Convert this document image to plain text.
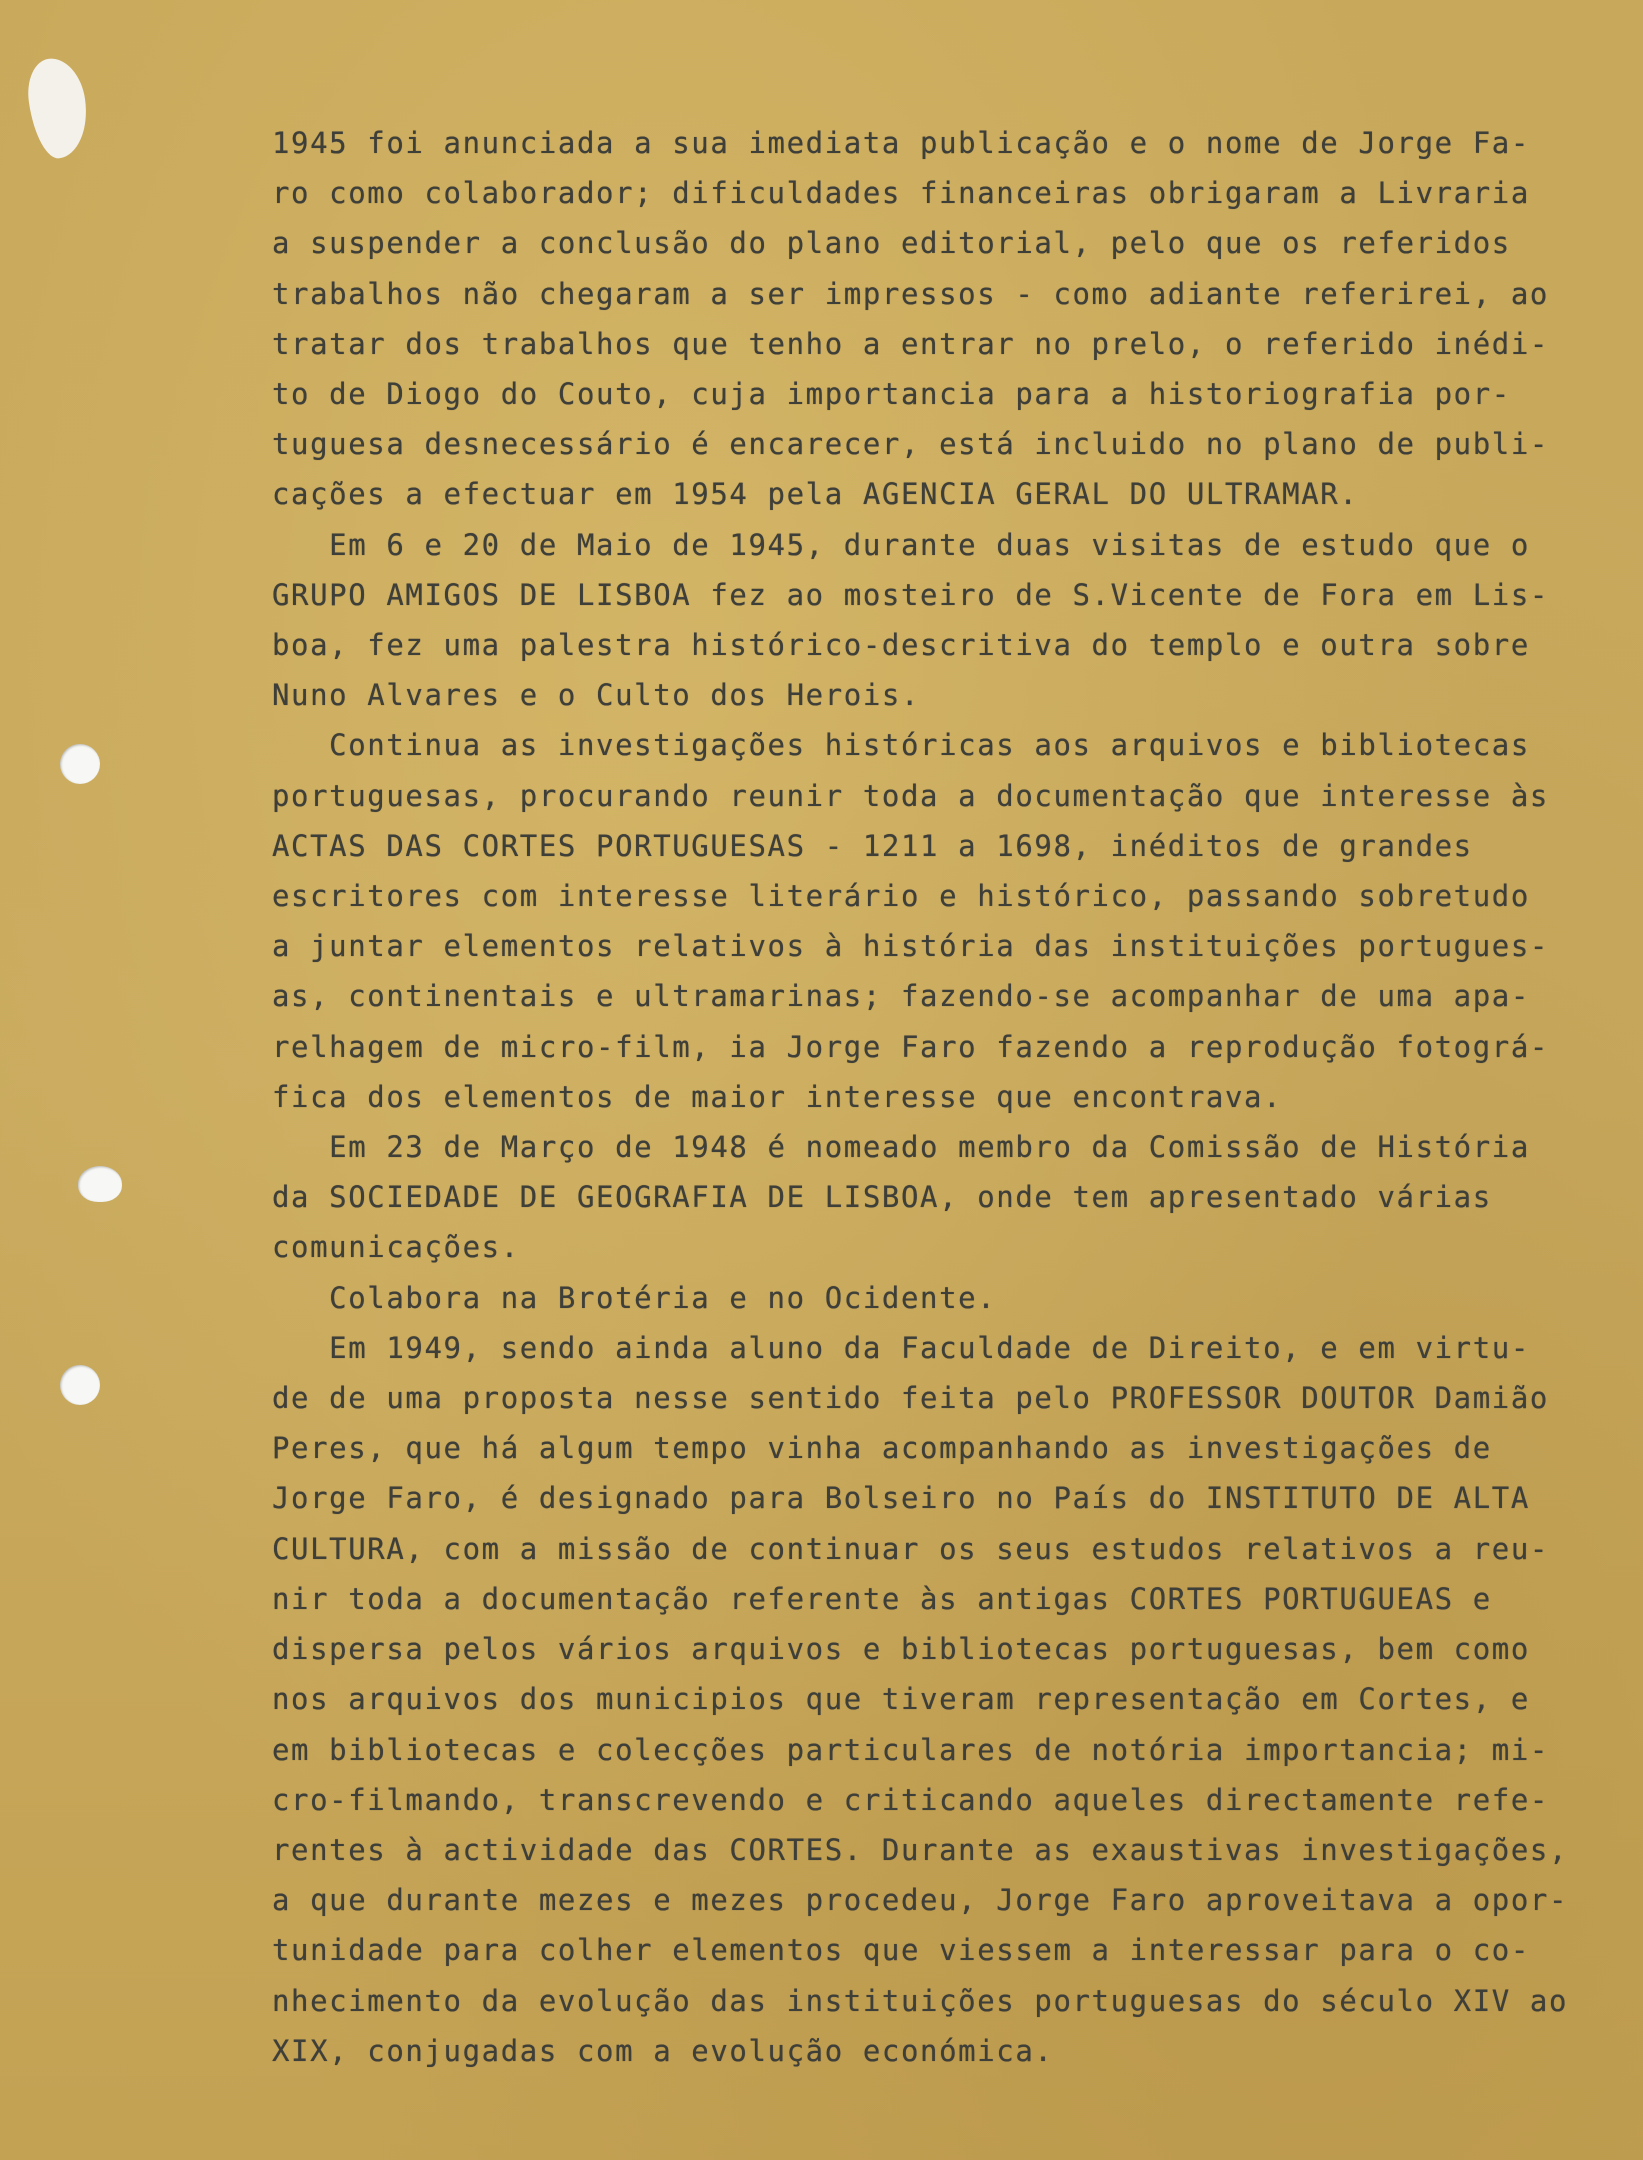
1945 foi anunciada a sua imediata publicação e o nome de Jorge Fa-
ro como colaborador; dificuldades financeiras obrigaram a Livraria
a suspender a conclusão do plano editorial, pelo que os referidos
trabalhos não chegaram a ser impressos - como adiante referirei, ao
tratar dos trabalhos que tenho a entrar no prelo, o referido inédi-
to de Diogo do Couto, cuja importancia para a historiografia por-
tuguesa desnecessário é encarecer, está incluido no plano de publi-
cações a efectuar em 1954 pela AGENCIA GERAL DO ULTRAMAR.
Em 6 e 20 de Maio de 1945, durante duas visitas de estudo que o
GRUPO AMIGOS DE LISBOA fez ao mosteiro de S.Vicente de Fora em Lis-
boa, fez uma palestra histórico-descritiva do templo e outra sobre
Nuno Alvares e o Culto dos Herois.
Continua as investigações históricas aos arquivos e bibliotecas
portuguesas, procurando reunir toda a documentação que interesse às
ACTAS DAS CORTES PORTUGUESAS - 1211 a 1698, inéditos de grandes
escritores com interesse literário e histórico, passando sobretudo
a juntar elementos relativos à história das instituições portugues-
as, continentais e ultramarinas; fazendo-se acompanhar de uma apa-
relhagem de micro-film, ia Jorge Faro fazendo a reprodução fotográ-
fica dos elementos de maior interesse que encontrava.
Em 23 de Março de 1948 é nomeado membro da Comissão de História
da SOCIEDADE DE GEOGRAFIA DE LISBOA, onde tem apresentado várias
comunicações.
Colabora na Brotéria e no Ocidente.
Em 1949, sendo ainda aluno da Faculdade de Direito, e em virtu-
de de uma proposta nesse sentido feita pelo PROFESSOR DOUTOR Damião
Peres, que há algum tempo vinha acompanhando as investigações de
Jorge Faro, é designado para Bolseiro no País do INSTITUTO DE ALTA
CULTURA, com a missão de continuar os seus estudos relativos a reu-
nir toda a documentação referente às antigas CORTES PORTUGUEAS e
dispersa pelos vários arquivos e bibliotecas portuguesas, bem como
nos arquivos dos municipios que tiveram representação em Cortes, e
em bibliotecas e colecções particulares de notória importancia; mi-
cro-filmando, transcrevendo e criticando aqueles directamente refe-
rentes à actividade das CORTES. Durante as exaustivas investigações,
a que durante mezes e mezes procedeu, Jorge Faro aproveitava a opor-
tunidade para colher elementos que viessem a interessar para o co-
nhecimento da evolução das instituições portuguesas do século XIV ao
XIX, conjugadas com a evolução económica.
